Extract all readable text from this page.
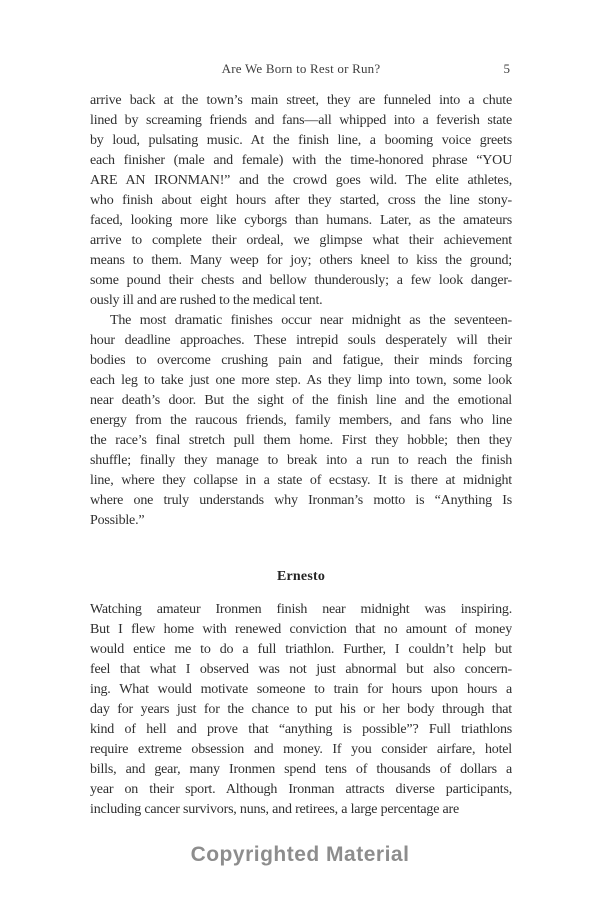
Are We Born to Rest or Run?	5
arrive back at the town’s main street, they are funneled into a chute
lined by screaming friends and fans—all whipped into a feverish state
by loud, pulsating music. At the finish line, a booming voice greets
each finisher (male and female) with the time-honored phrase “YOU
ARE AN IRONMAN!” and the crowd goes wild. The elite athletes,
who finish about eight hours after they started, cross the line stony-
faced, looking more like cyborgs than humans. Later, as the amateurs
arrive to complete their ordeal, we glimpse what their achievement
means to them. Many weep for joy; others kneel to kiss the ground;
some pound their chests and bellow thunderously; a few look danger-
ously ill and are rushed to the medical tent.
The most dramatic finishes occur near midnight as the seventeen-
hour deadline approaches. These intrepid souls desperately will their
bodies to overcome crushing pain and fatigue, their minds forcing
each leg to take just one more step. As they limp into town, some look
near death’s door. But the sight of the finish line and the emotional
energy from the raucous friends, family members, and fans who line
the race’s final stretch pull them home. First they hobble; then they
shuffle; finally they manage to break into a run to reach the finish
line, where they collapse in a state of ecstasy. It is there at midnight
where one truly understands why Ironman’s motto is “Anything Is
Possible.”
Ernesto
Watching amateur Ironmen finish near midnight was inspiring.
But I flew home with renewed conviction that no amount of money
would entice me to do a full triathlon. Further, I couldn’t help but
feel that what I observed was not just abnormal but also concern-
ing. What would motivate someone to train for hours upon hours a
day for years just for the chance to put his or her body through that
kind of hell and prove that “anything is possible”? Full triathlons
require extreme obsession and money. If you consider airfare, hotel
bills, and gear, many Ironmen spend tens of thousands of dollars a
year on their sport. Although Ironman attracts diverse participants,
including cancer survivors, nuns, and retirees, a large percentage are
Copyrighted Material
